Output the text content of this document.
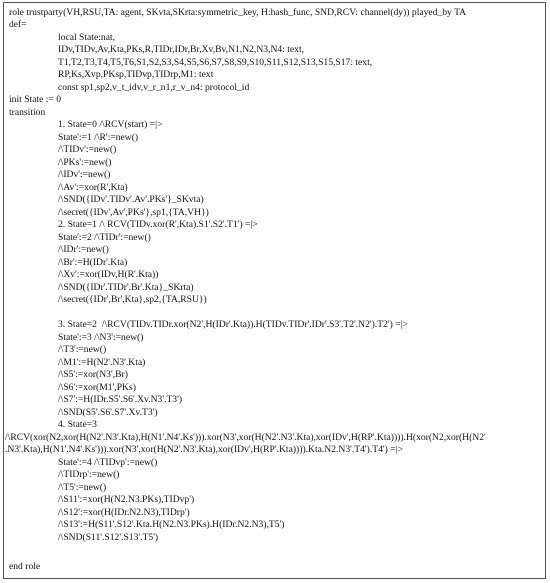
role trustparty(VH,RSU,TA: agent, SKvta,SKrta:symmetric_key, H:hash_func, SND,RCV: channel(dy)) played_by TA
def=
local State:nat,
IDv,TIDv,Av,Kta,PKs,R,TIDr,IDr,Br,Xv,Bv,N1,N2,N3,N4: text,
T1,T2,T3,T4,T5,T6,S1,S2,S3,S4,S5,S6,S7,S8,S9,S10,S11,S12,S13,S15,S17: text,
RP,Ks,Xvp,PKsp,TIDvp,TIDrp,M1: text
const sp1,sp2,v_t_idv,v_r_n1,r_v_n4: protocol_id
init State := 0
transition
1. State=0 /\RCV(start) =|>
State':=1 /\R':=new()
/\TIDv':=new()
/\PKs':=new()
/\IDv':=new()
/\Av':=xor(R',Kta)
/\SND({IDv'.TIDv'.Av'.PKs'}_SKvta)
/\secret({IDv',Av',PKs'},sp1,{TA,VH})
2. State=1 /\ RCV(TIDv.xor(R',Kta).S1'.S2'.T1') =|>
State':=2 /\TIDr':=new()
/\IDr':=new()
/\Br':=H(IDr'.Kta)
/\Xv':=xor(IDv,H(R'.Kta))
/\SND({IDr'.TIDr'.Br'.Kta}_SKrta)
/\secret({IDr',Br',Kta},sp2,{TA,RSU})
3. State=2  /\RCV(TIDv.TIDr.xor(N2',H(IDr'.Kta)).H(TIDv.TIDr'.IDr'.S3'.T2'.N2').T2') =|>
State':=3 /\N3':=new()
/\T3':=new()
/\M1':=H(N2'.N3'.Kta)
/\S5':=xor(N3',Br)
/\S6':=xor(M1',PKs)
/\S7':=H(IDr.S5'.S6'.Xv.N3'.T3')
/\SND(S5'.S6'.S7'.Xv.T3')
4. State=3
/\RCV(xor(N2,xor(H(N2'.N3'.Kta),H(N1'.N4'.Ks'))).xor(N3',xor(H(N2'.N3'.Kta),xor(IDv',H(RP'.Kta)))).H(xor(N2,xor(H(N2'
.N3'.Kta),H(N1'.N4'.Ks'))).xor(N3',xor(H(N2'.N3'.Kta),xor(IDv',H(RP'.Kta)))).Kta.N2.N3'.T4').T4') =|>
State':=4 /\TIDvp':=new()
/\TIDrp':=new()
/\T5':=new()
/\S11':=xor(H(N2.N3.PKs),TIDvp')
/\S12':=xor(H(IDr.N2.N3),TIDrp')
/\S13':=H(S11'.S12'.Kta.H(N2.N3.PKs).H(IDr.N2.N3),T5')
/\SND(S11'.S12'.S13'.T5')
end role
